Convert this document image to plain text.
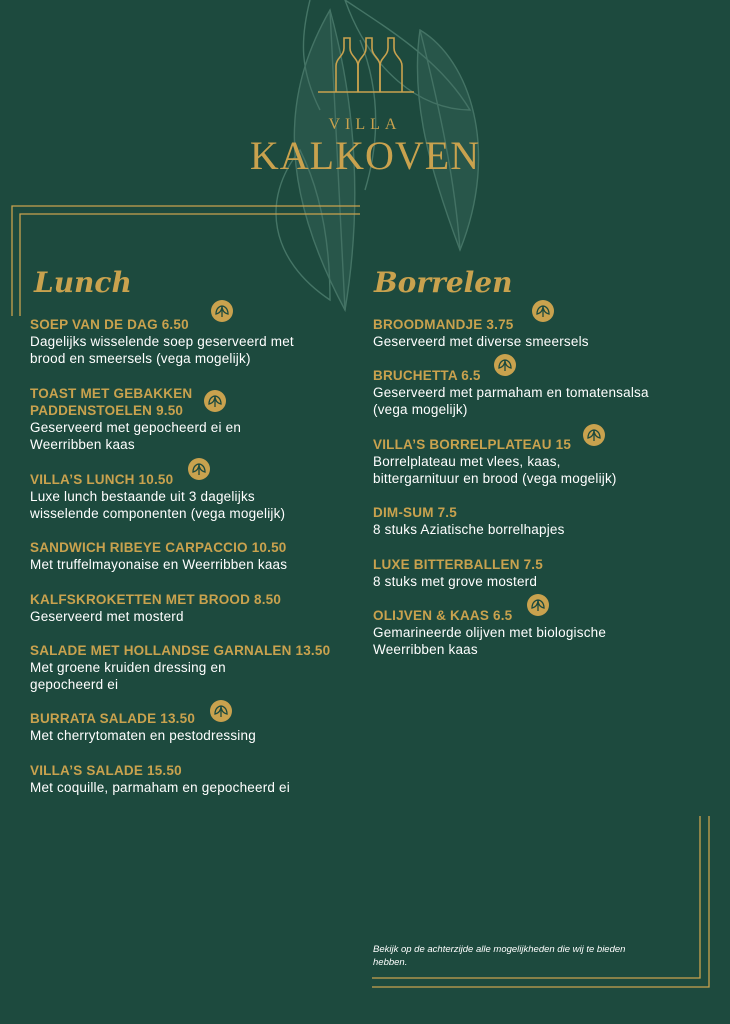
VILLA
KALKOVEN
Lunch	Borrelen
SOEP VAN DE DAG 6.50
Dagelijks wisselende soep geserveerd met
brood en smeersels (vega mogelijk)
TOAST MET GEBAKKEN
PADDENSTOELEN 9.50
Geserveerd met gepocheerd ei en
Weerribben kaas
VILLA’S LUNCH 10.50
Luxe lunch bestaande uit 3 dagelijks
wisselende componenten (vega mogelijk)
SANDWICH RIBEYE CARPACCIO 10.50
Met truffelmayonaise en Weerribben kaas
KALFSKROKETTEN MET BROOD 8.50
Geserveerd met mosterd
SALADE MET HOLLANDSE GARNALEN 13.50
Met groene kruiden dressing en
gepocheerd ei
BURRATA SALADE 13.50
Met cherrytomaten en pestodressing
VILLA’S SALADE 15.50
Met coquille, parmaham en gepocheerd ei
BROODMANDJE 3.75
Geserveerd met diverse smeersels
BRUCHETTA 6.5
Geserveerd met parmaham en tomatensalsa
(vega mogelijk)
VILLA’S BORRELPLATEAU 15
Borrelplateau met vlees, kaas,
bittergarnituur en brood (vega mogelijk)
DIM-SUM 7.5
8 stuks Aziatische borrelhapjes
LUXE BITTERBALLEN 7.5
8 stuks met grove mosterd
OLIJVEN & KAAS 6.5
Gemarineerde olijven met biologische
Weerribben kaas
Bekijk op de achterzijde alle mogelijkheden die wij te bieden hebben.
